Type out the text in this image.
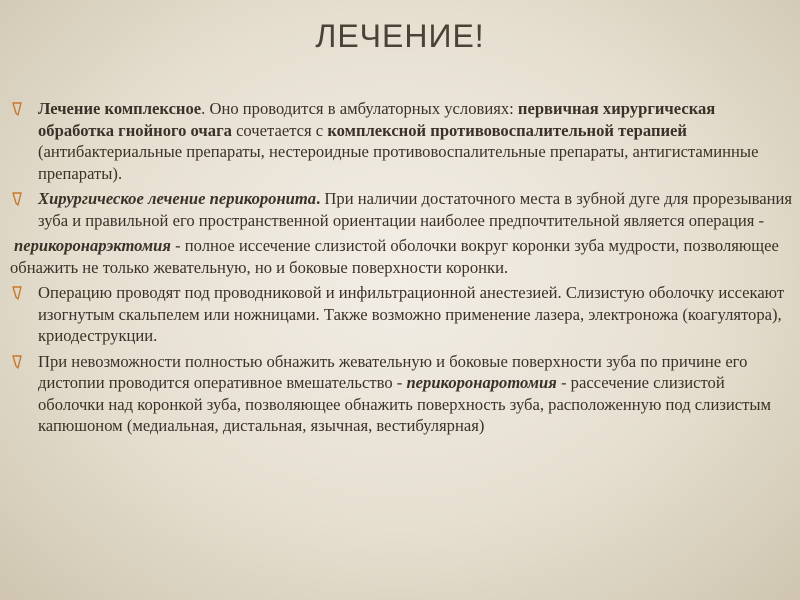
ЛЕЧЕНИЕ!
Лечение комплексное. Оно проводится в амбулаторных условиях: первичная хирургическая обработка гнойного очага сочетается с комплексной противовоспалительной терапией (антибактериальные препараты, нестероидные противовоспалительные препараты, антигистаминные препараты).
Хирургическое лечение перикоронита. При наличии достаточного места в зубной дуге для прорезывания зуба и правильной его пространственной ориентации наиболее предпочтительной является операция -
перикоронарэктомия - полное иссечение слизистой оболочки вокруг коронки зуба мудрости, позволяющее обнажить не только жевательную, но и боковые поверхности коронки.
Операцию проводят под проводниковой и инфильтрационной анестезией. Слизистую оболочку иссекают изогнутым скальпелем или ножницами. Также возможно применение лазера, электроножа (коагулятора), криодеструкции.
При невозможности полностью обнажить жевательную и боковые поверхности зуба по причине его дистопии проводится оперативное вмешательство - перикоронаротомия - рассечение слизистой оболочки над коронкой зуба, позволяющее обнажить поверхность зуба, расположенную под слизистым капюшоном (медиальная, дистальная, язычная, вестибулярная)
